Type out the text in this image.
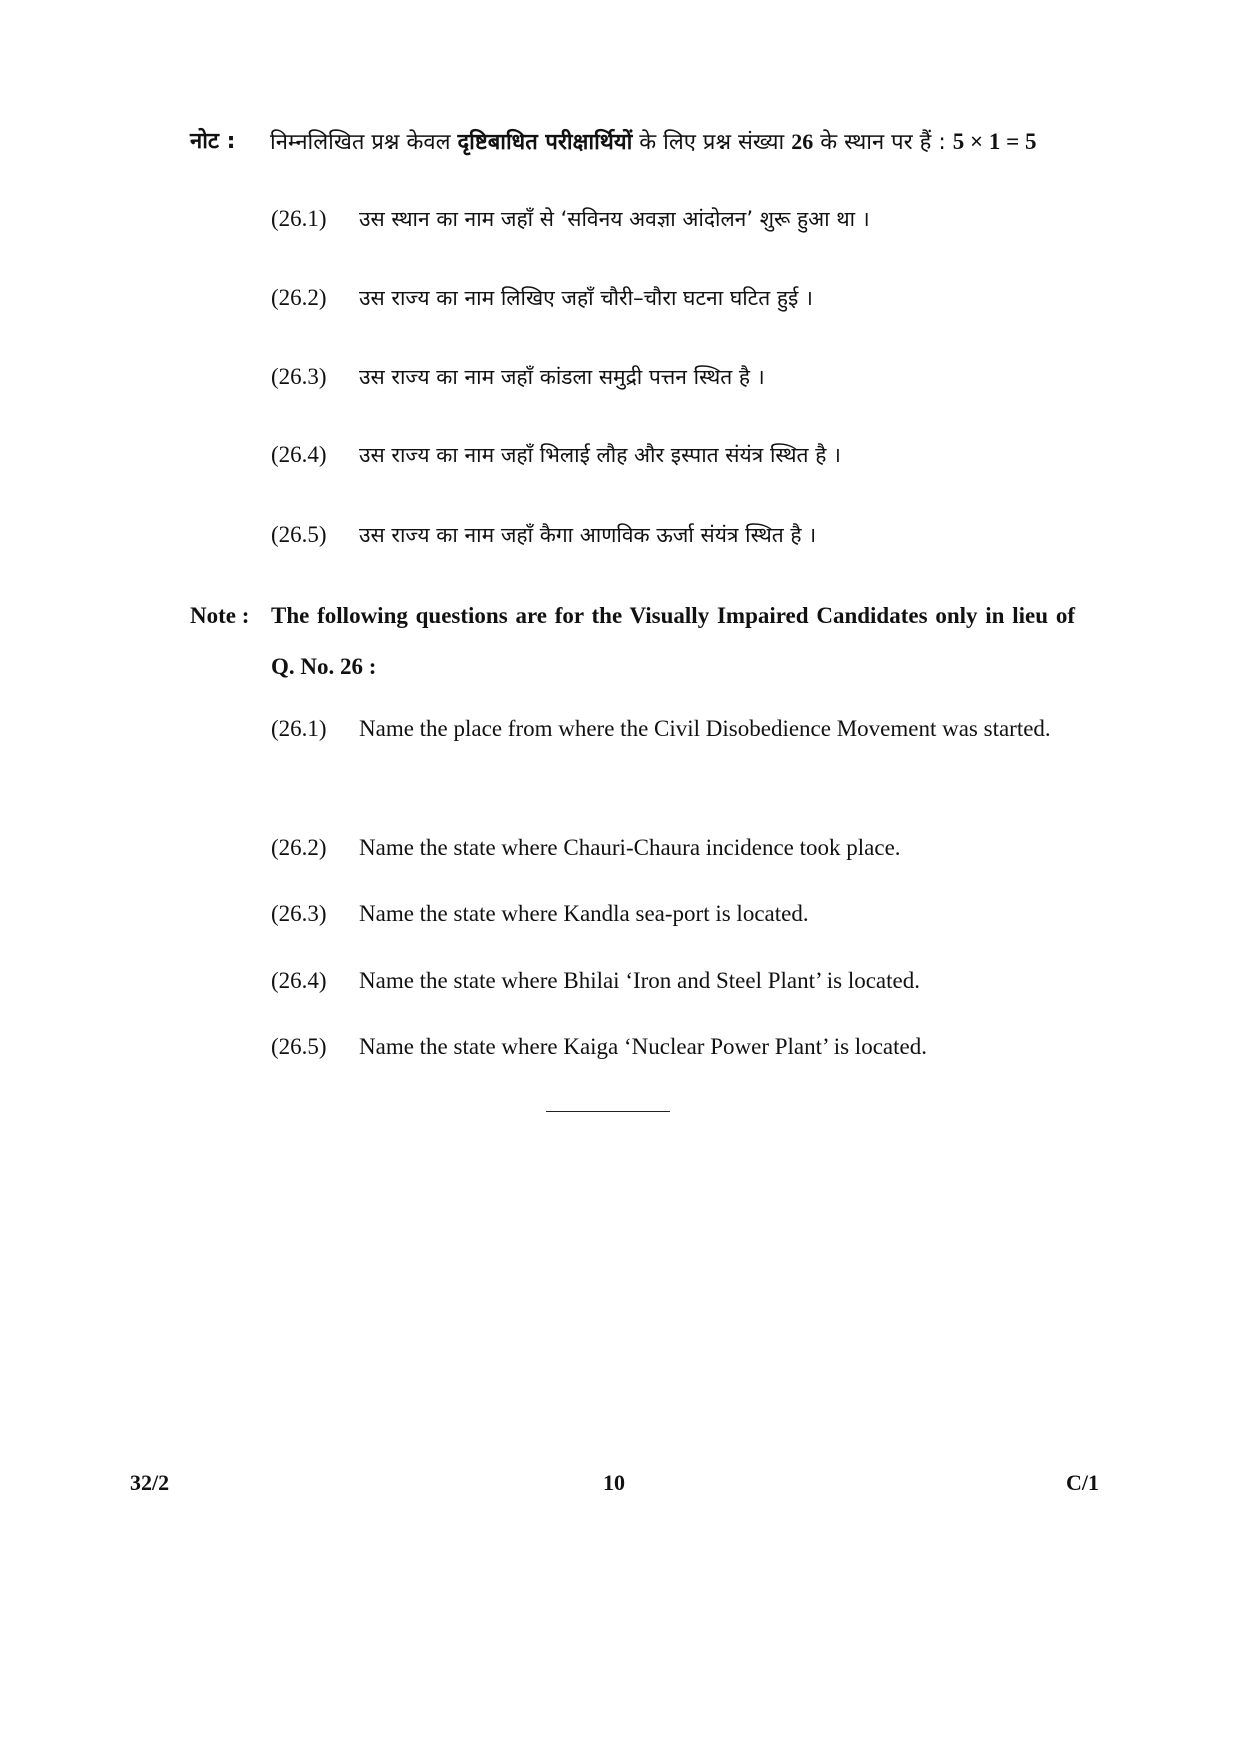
नोट : निम्नलिखित प्रश्न केवल दृष्टिबाधित परीक्षार्थियों के लिए प्रश्न संख्या 26 के स्थान पर हैं : 5 × 1 = 5
(26.1) उस स्थान का नाम जहाँ से ‘सविनय अवज्ञा आंदोलन’ शुरू हुआ था ।
(26.2) उस राज्य का नाम लिखिए जहाँ चौरी–चौरा घटना घटित हुई ।
(26.3) उस राज्य का नाम जहाँ कांडला समुद्री पत्तन स्थित है ।
(26.4) उस राज्य का नाम जहाँ भिलाई लौह और इस्पात संयंत्र स्थित है ।
(26.5) उस राज्य का नाम जहाँ कैगा आणविक ऊर्जा संयंत्र स्थित है ।
Note : The following questions are for the Visually Impaired Candidates only in lieu of Q. No. 26 :
(26.1) Name the place from where the Civil Disobedience Movement was started.
(26.2) Name the state where Chauri-Chaura incidence took place.
(26.3) Name the state where Kandla sea-port is located.
(26.4) Name the state where Bhilai ‘Iron and Steel Plant’ is located.
(26.5) Name the state where Kaiga ‘Nuclear Power Plant’ is located.
32/2	10	C/1
